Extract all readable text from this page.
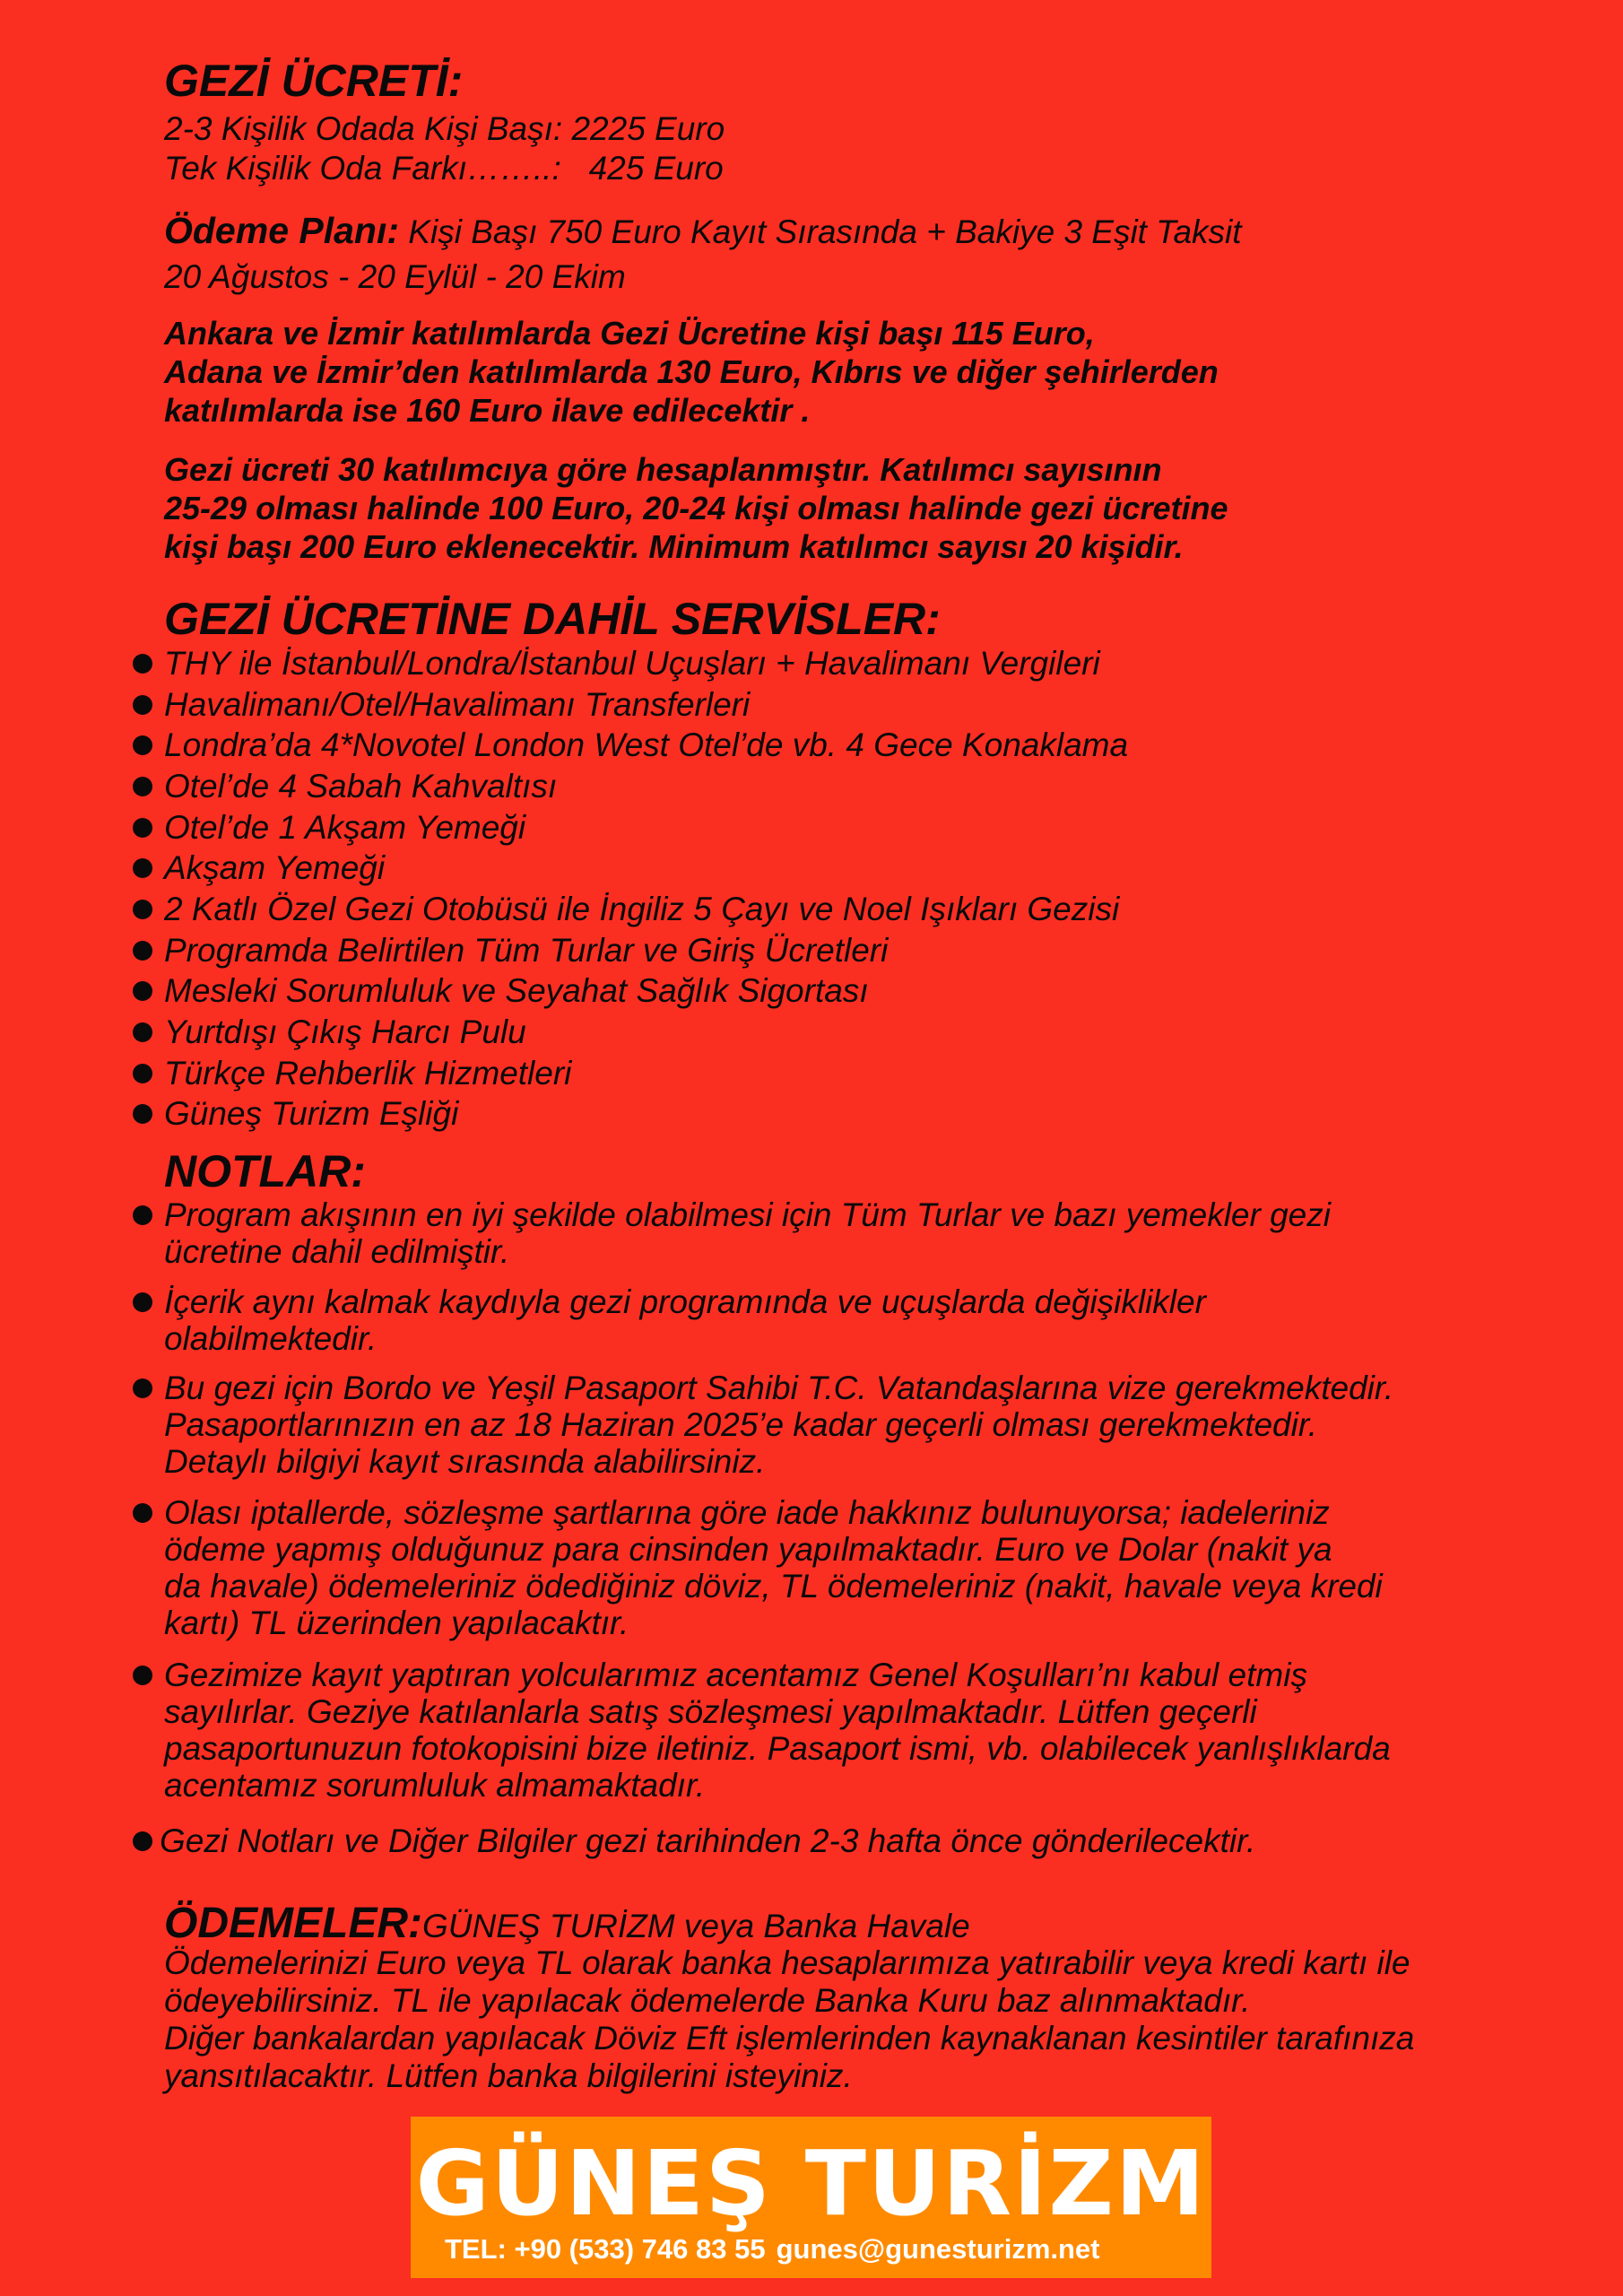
GEZİ ÜCRETİ:
2-3 Kişilik Odada Kişi Başı: 2225 Euro
Tek Kişilik Oda Farkı……..:   425 Euro
Ödeme Planı: Kişi Başı 750 Euro Kayıt Sırasında + Bakiye 3 Eşit Taksit
20 Ağustos - 20 Eylül - 20 Ekim
Ankara ve İzmir katılımlarda Gezi Ücretine kişi başı 115 Euro,
Adana ve İzmir’den katılımlarda 130 Euro, Kıbrıs ve diğer şehirlerden
katılımlarda ise 160 Euro ilave edilecektir .
Gezi ücreti 30 katılımcıya göre hesaplanmıştır. Katılımcı sayısının
25-29 olması halinde 100 Euro, 20-24 kişi olması halinde gezi ücretine
kişi başı 200 Euro eklenecektir. Minimum katılımcı sayısı 20 kişidir.
GEZİ ÜCRETİNE DAHİL SERVİSLER:
THY ile İstanbul/Londra/İstanbul Uçuşları + Havalimanı Vergileri
Havalimanı/Otel/Havalimanı Transferleri
Londra’da 4*Novotel London West Otel’de vb. 4 Gece Konaklama
Otel’de 4 Sabah Kahvaltısı
Otel’de 1 Akşam Yemeği
Akşam Yemeği
2 Katlı Özel Gezi Otobüsü ile İngiliz 5 Çayı ve Noel Işıkları Gezisi
Programda Belirtilen Tüm Turlar ve Giriş Ücretleri
Mesleki Sorumluluk ve Seyahat Sağlık Sigortası
Yurtdışı Çıkış Harcı Pulu
Türkçe Rehberlik Hizmetleri
Güneş Turizm Eşliği
NOTLAR:
Program akışının en iyi şekilde olabilmesi için Tüm Turlar ve bazı yemekler gezi
ücretine dahil edilmiştir.
İçerik aynı kalmak kaydıyla gezi programında ve uçuşlarda değişiklikler
olabilmektedir.
Bu gezi için Bordo ve Yeşil Pasaport Sahibi T.C. Vatandaşlarına vize gerekmektedir.
Pasaportlarınızın en az 18 Haziran 2025’e kadar geçerli olması gerekmektedir.
Detaylı bilgiyi kayıt sırasında alabilirsiniz.
Olası iptallerde, sözleşme şartlarına göre iade hakkınız bulunuyorsa; iadeleriniz
ödeme yapmış olduğunuz para cinsinden yapılmaktadır. Euro ve Dolar (nakit ya
da havale) ödemeleriniz ödediğiniz döviz, TL ödemeleriniz (nakit, havale veya kredi
kartı) TL üzerinden yapılacaktır.
Gezimize kayıt yaptıran yolcularımız acentamız Genel Koşulları’nı kabul etmiş
sayılırlar. Geziye katılanlarla satış sözleşmesi yapılmaktadır. Lütfen geçerli
pasaportunuzun fotokopisini bize iletiniz. Pasaport ismi, vb. olabilecek yanlışlıklarda
acentamız sorumluluk almamaktadır.
Gezi Notları ve Diğer Bilgiler gezi tarihinden 2-3 hafta önce gönderilecektir.
ÖDEMELER:GÜNEŞ TURİZM veya Banka Havale
Ödemelerinizi Euro veya TL olarak banka hesaplarımıza yatırabilir veya kredi kartı ile
ödeyebilirsiniz. TL ile yapılacak ödemelerde Banka Kuru baz alınmaktadır.
Diğer bankalardan yapılacak Döviz Eft işlemlerinden kaynaklanan kesintiler tarafınıza
yansıtılacaktır. Lütfen banka bilgilerini isteyiniz.
GÜNEŞ TURİZM
TEL: +90 (533) 746 83 55 gunes@gunesturizm.net
